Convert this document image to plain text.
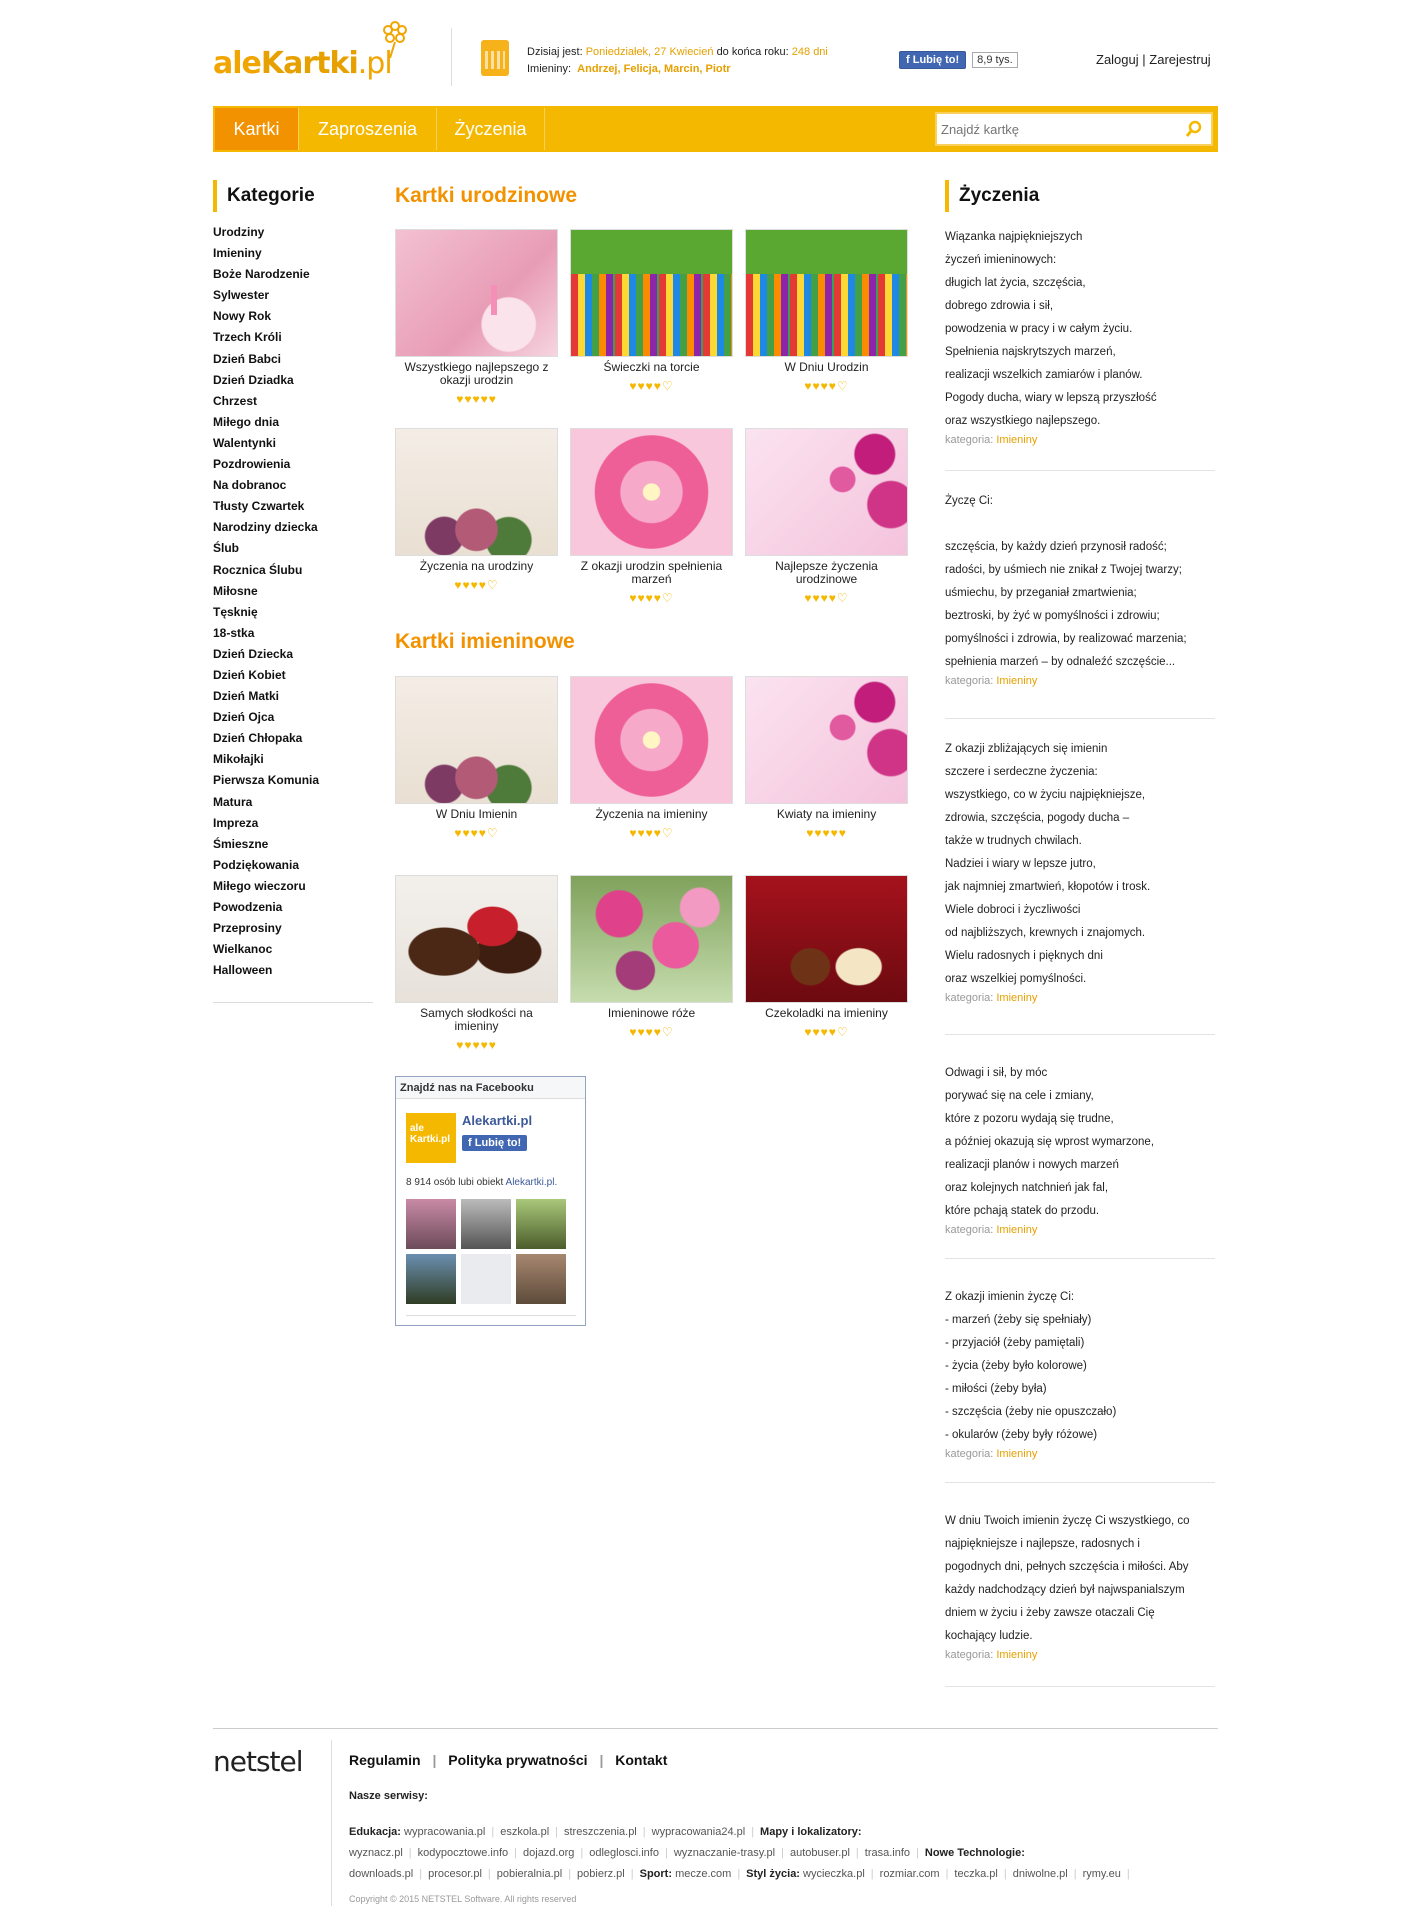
aleKartki.pl	Dzisiaj jest: Poniedziałek, 27 Kwiecień do końca roku: 248 dni
Imieniny: Andrzej, Felicja, Marcin, Piotr
f Lubię to!	8,9 tys.	Zaloguj | Zarejestruj
Kartki	Zaproszenia	Życzenia
Znajdź kartkę
Kategorie
Urodziny
Imieniny
Boże Narodzenie
Sylwester
Nowy Rok
Trzech Króli
Dzień Babci
Dzień Dziadka
Chrzest
Miłego dnia
Walentynki
Pozdrowienia
Na dobranoc
Tłusty Czwartek
Narodziny dziecka
Ślub
Rocznica Ślubu
Miłosne
Tęsknię
18-stka
Dzień Dziecka
Dzień Kobiet
Dzień Matki
Dzień Ojca
Dzień Chłopaka
Mikołajki
Pierwsza Komunia
Matura
Impreza
Śmieszne
Podziękowania
Miłego wieczoru
Powodzenia
Przeprosiny
Wielkanoc
Halloween
Kartki urodzinowe
Kartki imieninowe
Wszystkiego najlepszego z okazji urodzin
♥♥♥♥♥
Świeczki na torcie
♥♥♥♥♡
W Dniu Urodzin
♥♥♥♥♡
Życzenia na urodziny
♥♥♥♥♡
Z okazji urodzin spełnienia marzeń
♥♥♥♥♡
Najlepsze życzenia urodzinowe
♥♥♥♥♡
W Dniu Imienin
♥♥♥♥♡
Życzenia na imieniny
♥♥♥♥♡
Kwiaty na imieniny
♥♥♥♥♥
Samych słodkości na imieniny
♥♥♥♥♥
Imieninowe róże
♥♥♥♥♡
Czekoladki na imieniny
♥♥♥♥♡
Znajdź nas na Facebooku
ale Kartki.pl
Alekartki.pl
f Lubię to!
8 914 osób lubi obiekt Alekartki.pl.
Życzenia
Wiązanka najpiękniejszych
życzeń imieninowych:
długich lat życia, szczęścia,
dobrego zdrowia i sił,
powodzenia w pracy i w całym życiu.
Spełnienia najskrytszych marzeń,
realizacji wszelkich zamiarów i planów.
Pogody ducha, wiary w lepszą przyszłość
oraz wszystkiego najlepszego.
kategoria: Imieniny
Życzę Ci:
szczęścia, by każdy dzień przynosił radość;
radości, by uśmiech nie znikał z Twojej twarzy;
uśmiechu, by przeganiał zmartwienia;
beztroski, by żyć w pomyślności i zdrowiu;
pomyślności i zdrowia, by realizować marzenia;
spełnienia marzeń – by odnaleźć szczęście...
kategoria: Imieniny
Z okazji zbliżających się imienin
szczere i serdeczne życzenia:
wszystkiego, co w życiu najpiękniejsze,
zdrowia, szczęścia, pogody ducha –
także w trudnych chwilach.
Nadziei i wiary w lepsze jutro,
jak najmniej zmartwień, kłopotów i trosk.
Wiele dobroci i życzliwości
od najbliższych, krewnych i znajomych.
Wielu radosnych i pięknych dni
oraz wszelkiej pomyślności.
kategoria: Imieniny
Odwagi i sił, by móc
porywać się na cele i zmiany,
które z pozoru wydają się trudne,
a później okazują się wprost wymarzone,
realizacji planów i nowych marzeń
oraz kolejnych natchnień jak fal,
które pchają statek do przodu.
kategoria: Imieniny
Z okazji imienin życzę Ci:
- marzeń (żeby się spełniały)
- przyjaciół (żeby pamiętali)
- życia (żeby było kolorowe)
- miłości (żeby była)
- szczęścia (żeby nie opuszczało)
- okularów (żeby były różowe)
kategoria: Imieniny
W dniu Twoich imienin życzę Ci wszystkiego, co
najpiękniejsze i najlepsze, radosnych i
pogodnych dni, pełnych szczęścia i miłości. Aby
każdy nadchodzący dzień był najwspanialszym
dniem w życiu i żeby zawsze otaczali Cię
kochający ludzie.
kategoria: Imieniny
netstel	Regulamin | Polityka prywatności | Kontakt
Nasze serwisy:
Edukacja: wypracowania.pl | eszkola.pl | streszczenia.pl | wypracowania24.pl | Mapy i lokalizatory: wyznacz.pl | kodypocztowe.info | dojazd.org | odleglosci.info | wyznaczanie-trasy.pl | autobuser.pl | trasa.info | Nowe Technologie: downloads.pl | procesor.pl | pobieralnia.pl | pobierz.pl | Sport: mecze.com | Styl życia: wycieczka.pl | rozmiar.com | teczka.pl | dniwolne.pl | rymy.eu |
Copyright © 2015 NETSTEL Software. All rights reserved
